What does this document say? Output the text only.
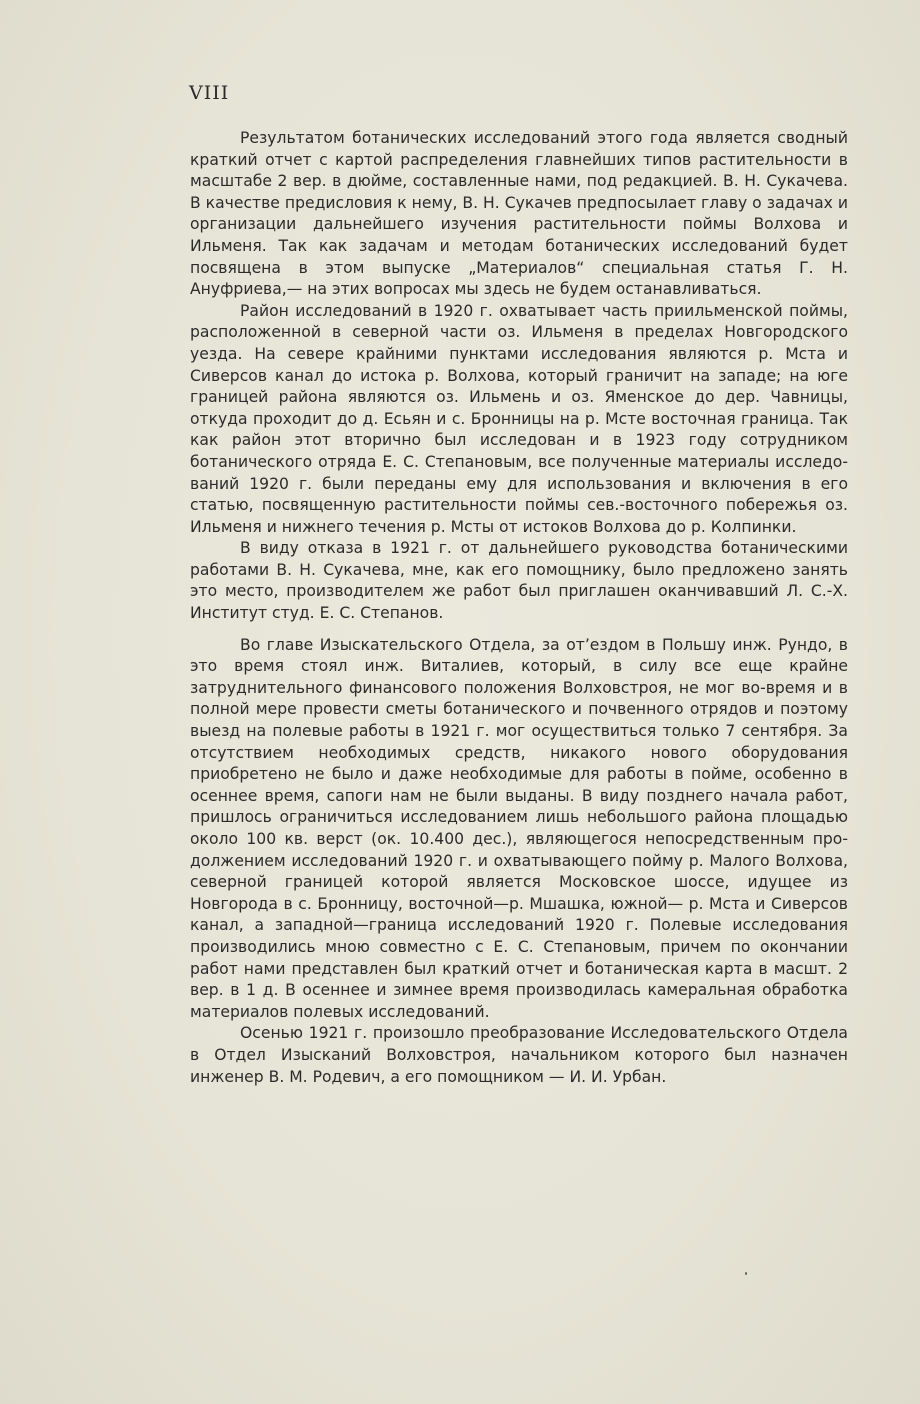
VIII

Результатом ботанических исследований этого года является сводный краткий отчет с картой распределения главнейших типов растительности в масштабе 2 вер. в дюйме, составленные нами, под редакцией. В. Н. Сукачева. В качестве предисловия к нему, В. Н. Сукачев предпосылает главу о задачах и организации дальнейшего изучения растительности поймы Волхова и Ильменя. Так как задачам и методам ботанических исследований будет посвящена в этом выпуске „Материалов“ специальная статья Г. Н. Ануфриева,— на этих вопросах мы здесь не будем останавливаться.

Район исследований в 1920 г. охватывает часть приильменской поймы, расположенной в северной части оз. Ильменя в пределах Новгородского уезда. На севере крайними пунктами исследования являются р. Мста и Сиверсов канал до истока р. Волхова, который граничит на западе; на юге границей района являются оз. Ильмень и оз. Яменское до дер. Чавницы, откуда проходит до д. Есьян и с. Бронницы на р. Мсте восточная граница. Так как район этот вторично был исследован и в 1923 году сотрудником ботанического отряда Е. С. Степановым, все полученные материалы исследований 1920 г. были переданы ему для использования и включения в его статью, посвященную растительности поймы сев.-восточного побережья оз. Ильменя и нижнего течения р. Мсты от истоков Волхова до р. Колпинки.

В виду отказа в 1921 г. от дальнейшего руководства ботаническими работами В. Н. Сукачева, мне, как его помощнику, было предложено занять это место, производителем же работ был приглашен оканчивавший Л. С.-Х. Институт студ. Е. С. Степанов.

Во главе Изыскательского Отдела, за от’ездом в Польшу инж. Рундо, в это время стоял инж. Виталиев, который, в силу все еще крайне затруднительного финансового положения Волховстроя, не мог во-время и в полной мере провести сметы ботанического и почвенного отрядов и поэтому выезд на полевые работы в 1921 г. мог осуществиться только 7 сентября. За отсутствием необходимых средств, никакого нового оборудования приобретено не было и даже необходимые для работы в пойме, особенно в осеннее время, сапоги нам не были выданы. В виду позднего начала работ, пришлось ограничиться исследованием лишь небольшого района площадью около 100 кв. верст (ок. 10.400 дес.), являющегося непосредственным продолжением исследований 1920 г. и охватывающего пойму р. Малого Волхова, северной границей которой является Московское шоссе, идущее из Новгорода в с. Бронницу, восточной—р. Мшашка, южной— р. Мста и Сиверсов канал, а западной—граница исследований 1920 г. Полевые исследования производились мною совместно с Е. С. Степановым, причем по окончании работ нами представлен был краткий отчет и ботаническая карта в масшт. 2 вер. в 1 д. В осеннее и зимнее время производилась камеральная обработка материалов полевых исследований.

Осенью 1921 г. произошло преобразование Исследовательского Отдела в Отдел Изысканий Волховстроя, начальником которого был назначен инженер В. М. Родевич, а его помощником — И. И. Урбан.
